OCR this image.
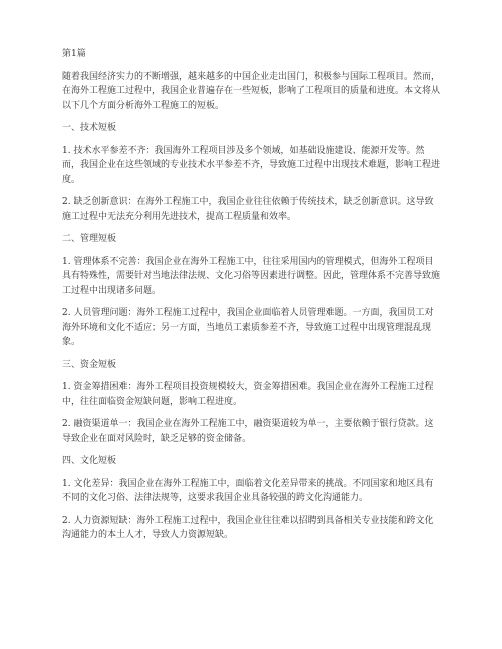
第1篇

随着我国经济实力的不断增强，越来越多的中国企业走出国门，积极参与国际工程项目。然而，在海外工程施工过程中，我国企业普遍存在一些短板，影响了工程项目的质量和进度。本文将从以下几个方面分析海外工程施工的短板。

一、技术短板

1. 技术水平参差不齐：我国海外工程项目涉及多个领域，如基础设施建设、能源开发等。然而，我国企业在这些领域的专业技术水平参差不齐，导致施工过程中出现技术难题，影响工程进度。

2. 缺乏创新意识：在海外工程施工中，我国企业往往依赖于传统技术，缺乏创新意识。这导致施工过程中无法充分利用先进技术，提高工程质量和效率。

二、管理短板

1. 管理体系不完善：我国企业在海外工程施工中，往往采用国内的管理模式，但海外工程项目具有特殊性，需要针对当地法律法规、文化习俗等因素进行调整。因此，管理体系不完善导致施工过程中出现诸多问题。

2. 人员管理问题：海外工程施工过程中，我国企业面临着人员管理难题。一方面，我国员工对海外环境和文化不适应；另一方面，当地员工素质参差不齐，导致施工过程中出现管理混乱现象。

三、资金短板

1. 资金筹措困难：海外工程项目投资规模较大，资金筹措困难。我国企业在海外工程施工过程中，往往面临资金短缺问题，影响工程进度。

2. 融资渠道单一：我国企业在海外工程施工中，融资渠道较为单一，主要依赖于银行贷款。这导致企业在面对风险时，缺乏足够的资金储备。

四、文化短板

1. 文化差异：我国企业在海外工程施工中，面临着文化差异带来的挑战。不同国家和地区具有不同的文化习俗、法律法规等，这要求我国企业具备较强的跨文化沟通能力。

2. 人力资源短缺：海外工程施工过程中，我国企业往往难以招聘到具备相关专业技能和跨文化沟通能力的本土人才，导致人力资源短缺。
